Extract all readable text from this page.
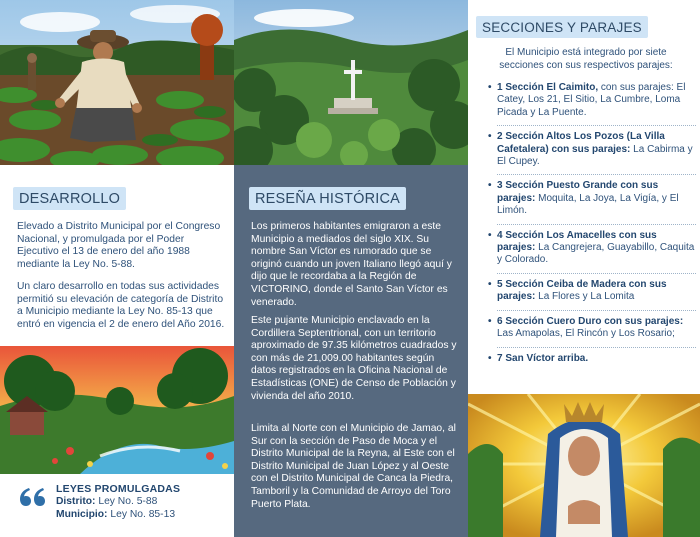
DESARROLLO

Elevado a Distrito Municipal por el Congreso Nacional, y promulgada por el Poder Ejecutivo el 13 de enero del año 1988 mediante la Ley No. 5-88.

Un claro desarrollo en todas sus actividades permitió su elevación de categoría de Distrito a Municipio mediante la Ley No. 85-13 que entró en vigencia el 2 de enero del Año 2016.

LEYES PROMULGADAS
Distrito: Ley No. 5-88
Municipio: Ley No. 85-13
RESEÑA HISTÓRICA

Los primeros habitantes emigraron a este Municipio a mediados del siglo XIX. Su nombre San Víctor es rumorado que se originó cuando un joven Italiano llegó aquí y dijo que le recordaba a la Región de VICTORINO, donde el Santo San Víctor es venerado.

Este pujante Municipio enclavado en la Cordillera Septentrional, con un territorio aproximado de 97.35 kilómetros cuadrados y con más de 21,009.00 habitantes según datos registrados en la Oficina Nacional de Estadísticas (ONE) de Censo de Población y vivienda del año 2010.

Limita al Norte con el Municipio de Jamao, al Sur con la sección de Paso de Moca y el Distrito Municipal de la Reyna, al Este con el Distrito Municipal de Juan López y al Oeste con el Distrito Municipal de Canca la Piedra, Tamboril y la Comunidad de Arroyo del Toro Puerto Plata.

SECCIONES Y PARAJES

El Municipio está integrado por siete secciones con sus respectivos parajes:

• 1 Sección El Caimito, con sus parajes: El Catey, Los 21, El Sitio, La Cumbre, Loma Picada y La Puente.
• 2 Sección Altos Los Pozos (La Villa Cafetalera) con sus parajes: La Cabirma y El Cupey.
• 3 Sección Puesto Grande con sus parajes: Moquita, La Joya, La Vigía, y El Limón.
• 4 Sección Los Amacelles con sus parajes: La Cangrejera, Guayabillo, Caquita y Colorado.
• 5 Sección Ceiba de Madera con sus parajes: La Flores y La Lomita
• 6 Sección Cuero Duro con sus parajes: Las Amapolas, El Rincón y Los Rosario;
• 7 San Víctor arriba.
